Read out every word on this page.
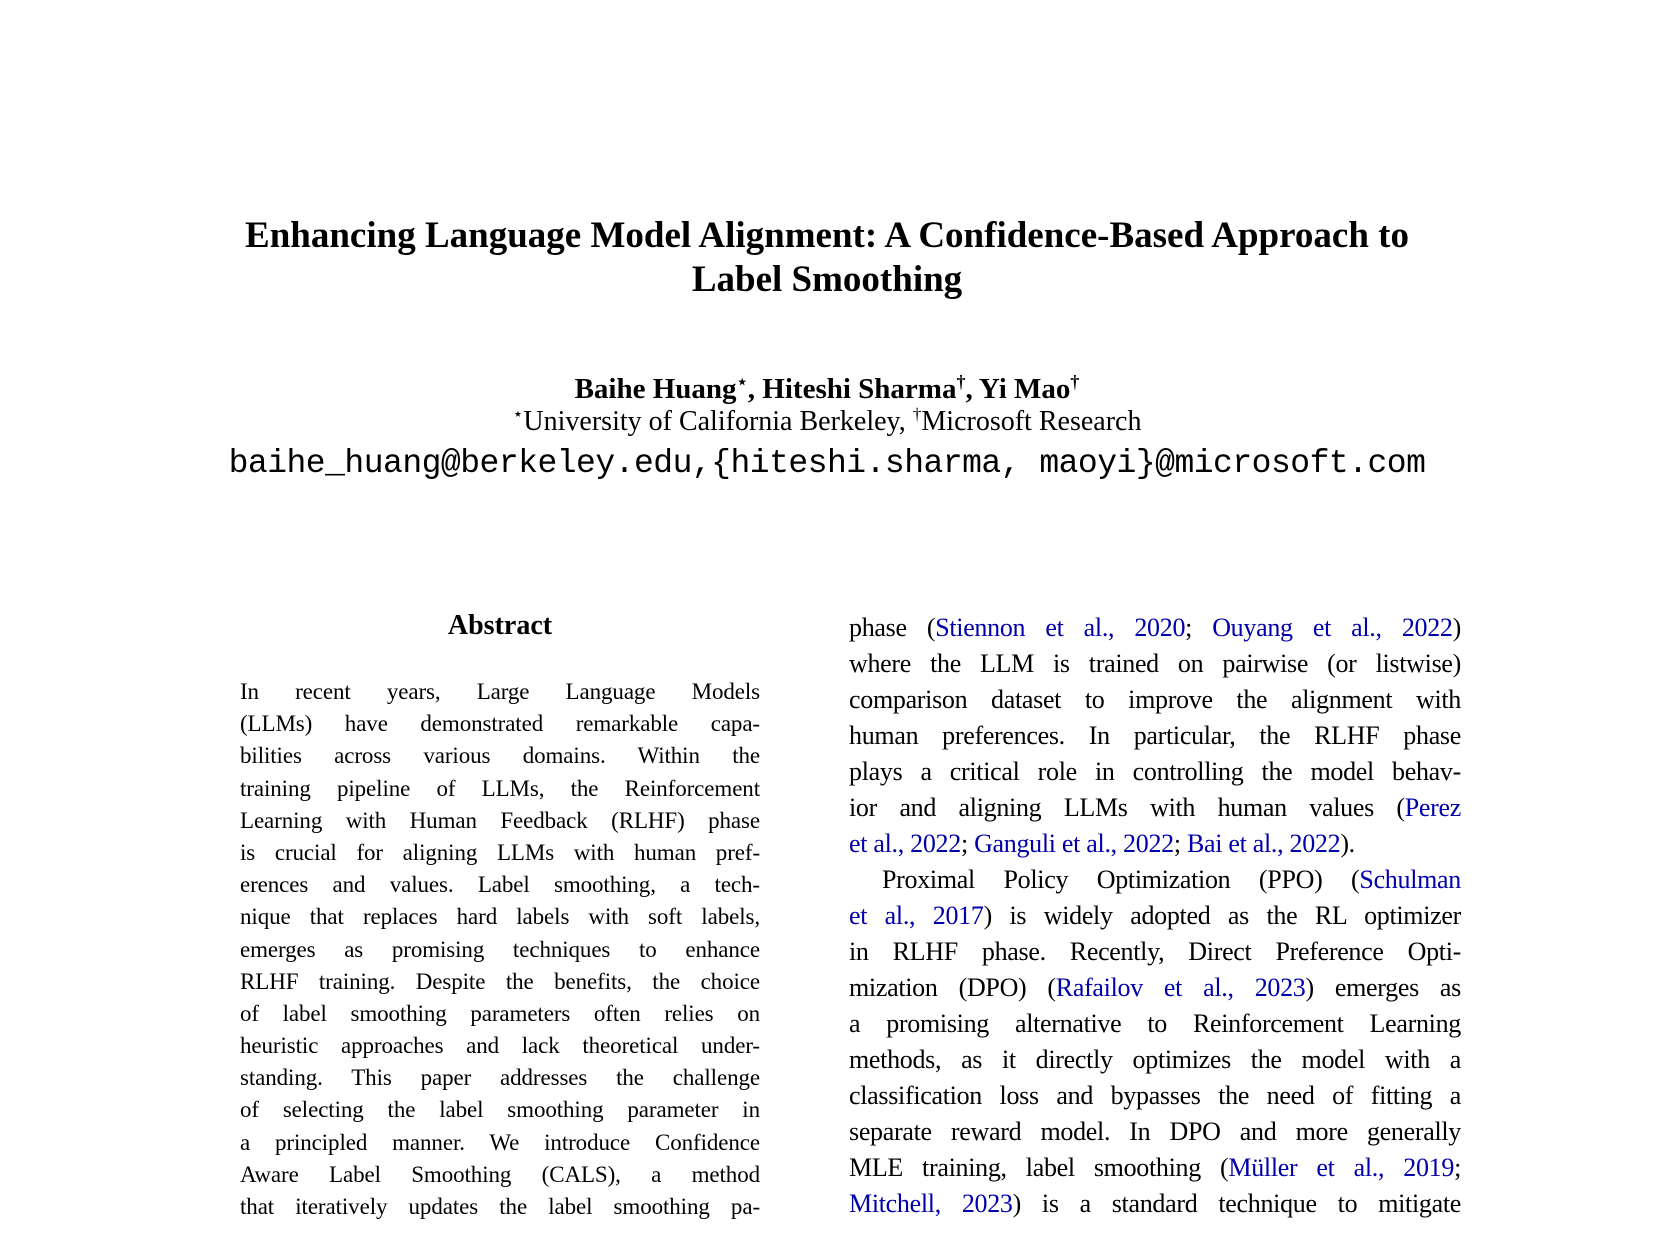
Enhancing Language Model Alignment: A Confidence-Based Approach to
Label Smoothing
Baihe Huang⋆, Hiteshi Sharma†, Yi Mao†
⋆University of California Berkeley, †Microsoft Research
baihe_huang@berkeley.edu,{hiteshi.sharma, maoyi}@microsoft.com
Abstract
In recent years, Large Language Models
(LLMs) have demonstrated remarkable capa-
bilities across various domains. Within the
training pipeline of LLMs, the Reinforcement
Learning with Human Feedback (RLHF) phase
is crucial for aligning LLMs with human pref-
erences and values. Label smoothing, a tech-
nique that replaces hard labels with soft labels,
emerges as promising techniques to enhance
RLHF training. Despite the benefits, the choice
of label smoothing parameters often relies on
heuristic approaches and lack theoretical under-
standing. This paper addresses the challenge
of selecting the label smoothing parameter in
a principled manner. We introduce Confidence
Aware Label Smoothing (CALS), a method
that iteratively updates the label smoothing pa-
phase (Stiennon et al., 2020; Ouyang et al., 2022)
where the LLM is trained on pairwise (or listwise)
comparison dataset to improve the alignment with
human preferences. In particular, the RLHF phase
plays a critical role in controlling the model behav-
ior and aligning LLMs with human values (Perez
et al., 2022; Ganguli et al., 2022; Bai et al., 2022).
Proximal Policy Optimization (PPO) (Schulman
et al., 2017) is widely adopted as the RL optimizer
in RLHF phase. Recently, Direct Preference Opti-
mization (DPO) (Rafailov et al., 2023) emerges as
a promising alternative to Reinforcement Learning
methods, as it directly optimizes the model with a
classification loss and bypasses the need of fitting a
separate reward model. In DPO and more generally
MLE training, label smoothing (Müller et al., 2019;
Mitchell, 2023) is a standard technique to mitigate
